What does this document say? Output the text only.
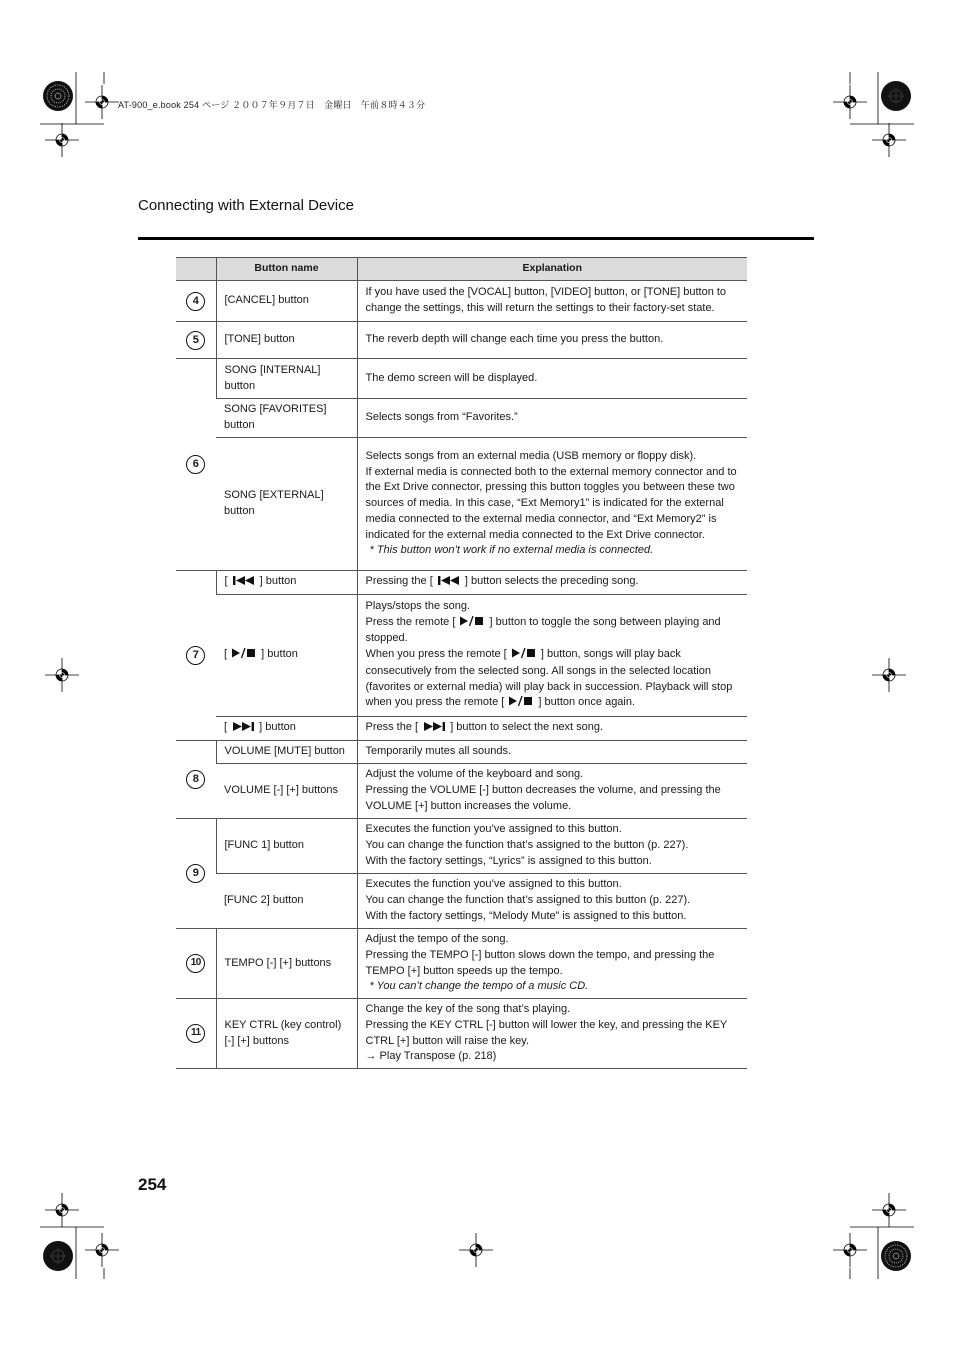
AT-900_e.book 254 ページ ２００７年９月７日　金曜日　午前８時４３分
Connecting with External Device
	Button name	Explanation
4	[CANCEL] button	If you have used the [VOCAL] button, [VIDEO] button, or [TONE] button to change the settings, this will return the settings to their factory-set state.

5	[TONE] button	The reverb depth will change each time you press the button.

6	SONG [INTERNAL] button	The demo screen will be displayed.

	SONG [FAVORITES] button	Selects songs from “Favorites.”

	SONG [EXTERNAL] button	Selects songs from an external media (USB memory or floppy disk).
If external media is connected both to the external memory connector and to the Ext Drive connector, pressing this button toggles you between these two sources of media. In this case, “Ext Memory1” is indicated for the external media connected to the external media connector, and “Ext Memory2” is indicated for the external media connected to the Ext Drive connector.
* This button won’t work if no external media is connected.

7	[  ] button	Pressing the [  ] button selects the preceding song.
	[ ] button	Plays/stops the song.
Press the remote [ ] button to toggle the song between playing and stopped.
When you press the remote [ ] button, songs will play back consecutively from the selected song. All songs in the selected location (favorites or external media) will play back in succession. Playback will stop when you press the remote [ ] button once again.

	[  ] button	Press the [  ] button to select the next song.
8	VOLUME [MUTE] button	Temporarily mutes all sounds.

	VOLUME [-] [+] buttons	Adjust the volume of the keyboard and song.
Pressing the VOLUME [-] button decreases the volume, and pressing the VOLUME [+] button increases the volume.

9	[FUNC 1] button	Executes the function you’ve assigned to this button.
You can change the function that’s assigned to the button (p. 227).
With the factory settings, “Lyrics” is assigned to this button.

	[FUNC 2] button	Executes the function you’ve assigned to this button.
You can change the function that’s assigned to this button (p. 227).
With the factory settings, “Melody Mute” is assigned to this button.

10	TEMPO [-] [+] buttons	Adjust the tempo of the song.
Pressing the TEMPO [-] button slows down the tempo, and pressing the TEMPO [+] button speeds up the tempo.
* You can’t change the tempo of a music CD.

11	KEY CTRL (key control) [-] [+] buttons	Change the key of the song that’s playing.
Pressing the KEY CTRL [-] button will lower the key, and pressing the KEY CTRL [+] button will raise the key.
→ Play Transpose (p. 218)
254
